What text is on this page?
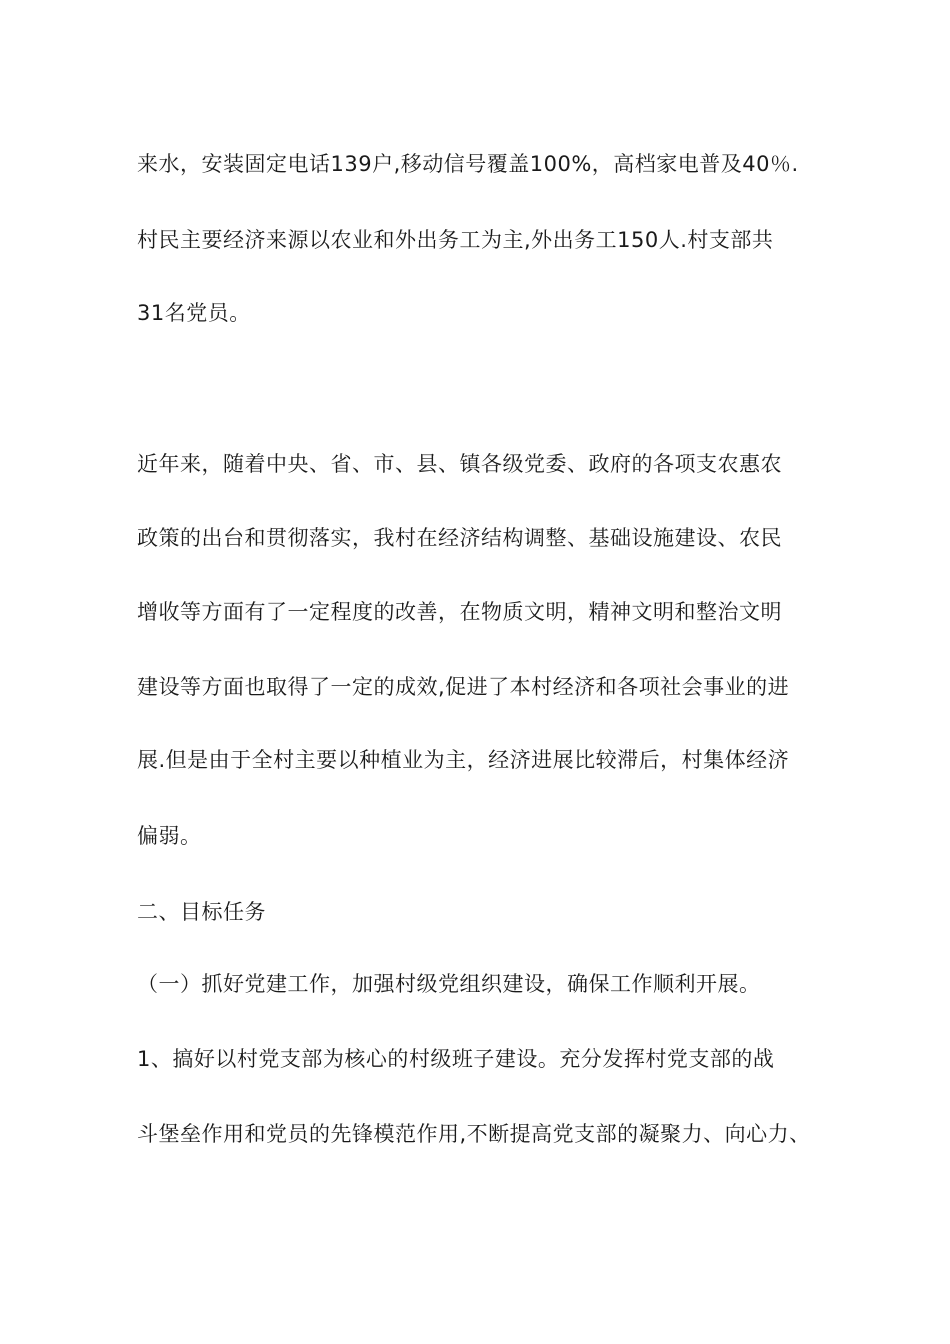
来水，安装固定电话139户,移动信号覆盖100%，高档家电普及40％.
村民主要经济来源以农业和外出务工为主,外出务工150人.村支部共
31名党员。
近年来，随着中央、省、市、县、镇各级党委、政府的各项支农惠农
政策的出台和贯彻落实，我村在经济结构调整、基础设施建设、农民
增收等方面有了一定程度的改善，在物质文明，精神文明和整治文明
建设等方面也取得了一定的成效,促进了本村经济和各项社会事业的进
展.但是由于全村主要以种植业为主，经济进展比较滞后，村集体经济
偏弱。
二、目标任务
（一）抓好党建工作，加强村级党组织建设，确保工作顺利开展。
1、搞好以村党支部为核心的村级班子建设。充分发挥村党支部的战
斗堡垒作用和党员的先锋模范作用,不断提高党支部的凝聚力、向心力、
